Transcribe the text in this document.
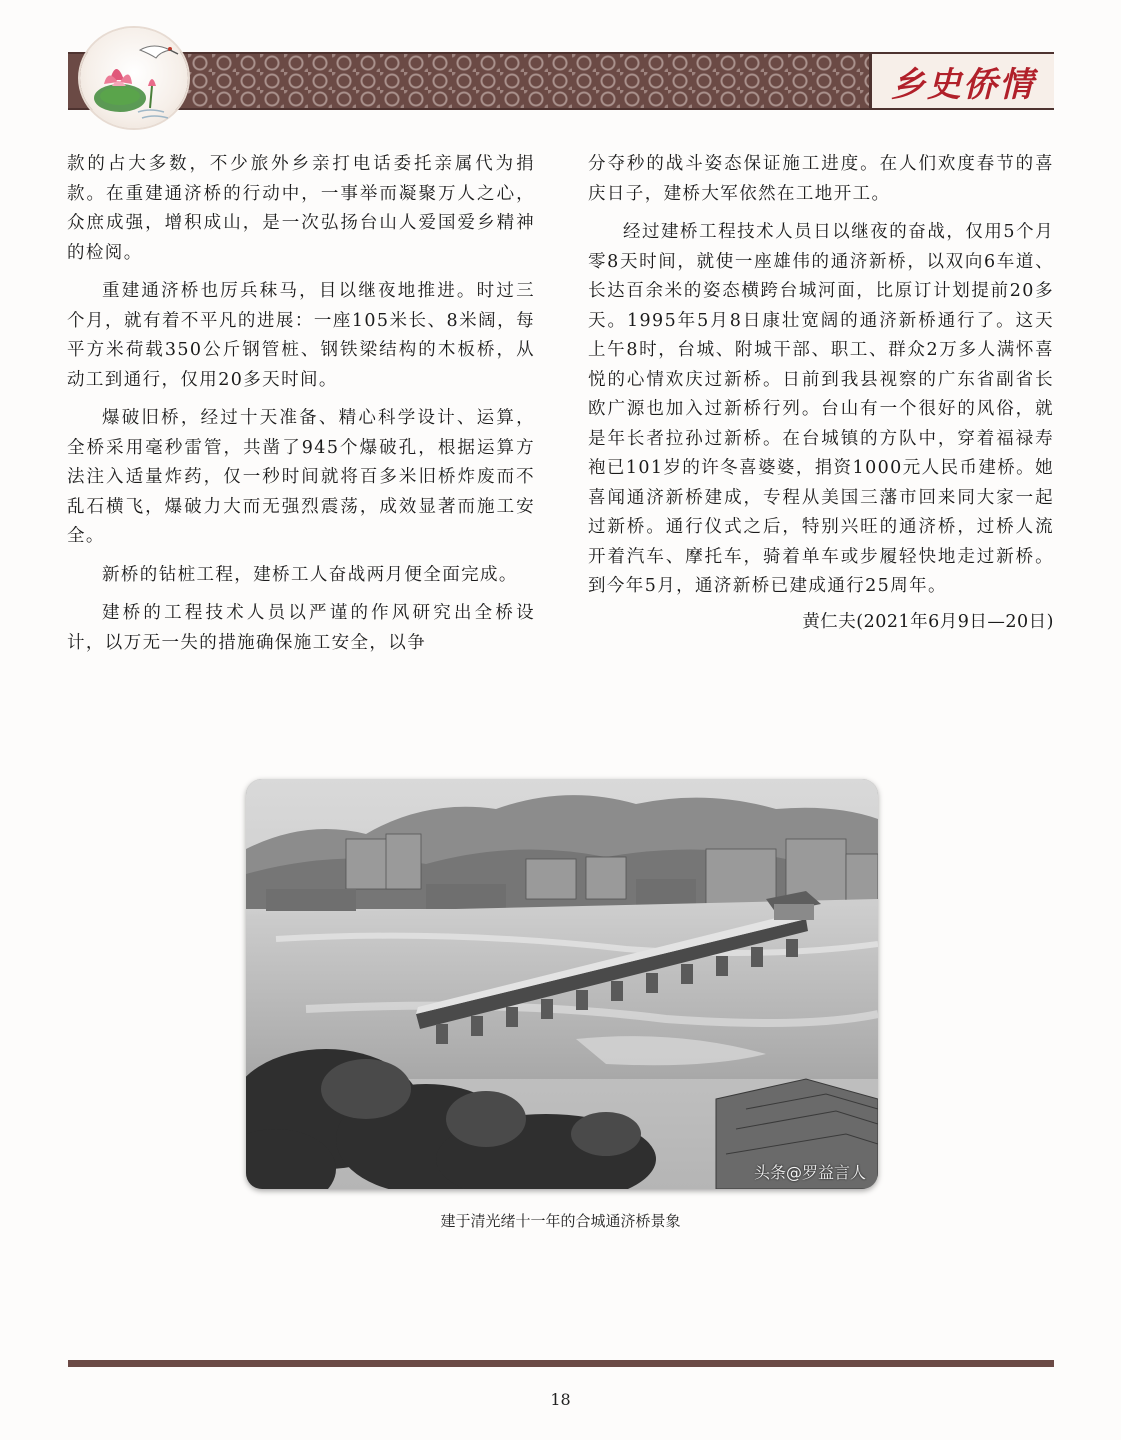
乡史侨情

款的占大多数，不少旅外乡亲打电话委托亲属代为捐款。在重建通济桥的行动中，一事举而凝聚万人之心，众庶成强，增积成山，是一次弘扬台山人爱国爱乡精神的检阅。

重建通济桥也厉兵秣马，目以继夜地推进。时过三个月，就有着不平凡的进展：一座105米长、8米阔，每平方米荷载350公斤钢管桩、钢铁梁结构的木板桥，从动工到通行，仅用20多天时间。

爆破旧桥，经过十天准备、精心科学设计、运算，全桥采用毫秒雷管，共凿了945个爆破孔，根据运算方法注入适量炸药，仅一秒时间就将百多米旧桥炸废而不乱石横飞，爆破力大而无强烈震荡，成效显著而施工安全。

新桥的钻桩工程，建桥工人奋战两月便全面完成。

建桥的工程技术人员以严谨的作风研究出全桥设计，以万无一失的措施确保施工安全，以争

分夺秒的战斗姿态保证施工进度。在人们欢度春节的喜庆日子，建桥大军依然在工地开工。

经过建桥工程技术人员日以继夜的奋战，仅用5个月零8天时间，就使一座雄伟的通济新桥，以双向6车道、长达百余米的姿态横跨台城河面，比原订计划提前20多天。1995年5月8日康壮宽阔的通济新桥通行了。这天上午8时，台城、附城干部、职工、群众2万多人满怀喜悦的心情欢庆过新桥。日前到我县视察的广东省副省长欧广源也加入过新桥行列。台山有一个很好的风俗，就是年长者拉孙过新桥。在台城镇的方队中，穿着福禄寿袍已101岁的许冬喜婆婆，捐资1000元人民币建桥。她喜闻通济新桥建成，专程从美国三藩市回来同大家一起过新桥。通行仪式之后，特别兴旺的通济桥，过桥人流开着汽车、摩托车，骑着单车或步履轻快地走过新桥。到今年5月，通济新桥已建成通行25周年。

黄仁夫(2021年6月9日—20日)

头条@罗益言人
建于清光绪十一年的合城通济桥景象
18
